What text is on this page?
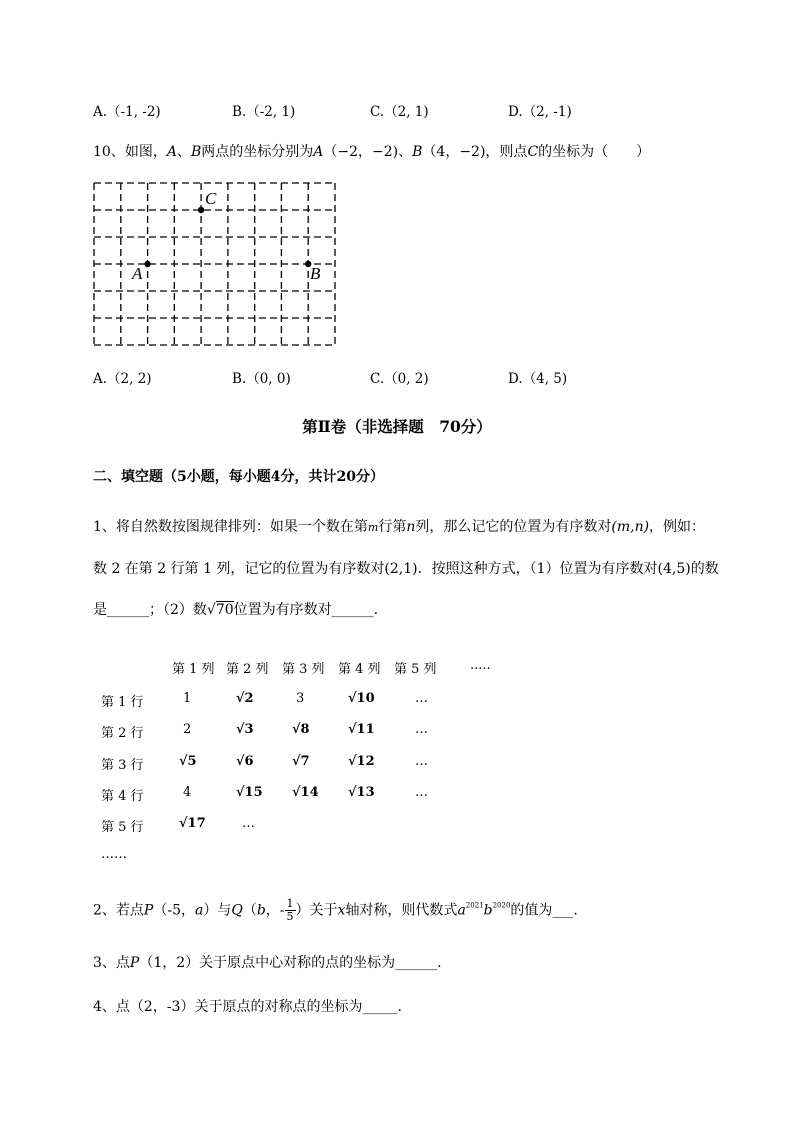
A.（-1, -2)	B.（-2, 1)	C.（2, 1)	D.（2, -1)
10、如图，A、B两点的坐标分别为A（−2，−2)、B（4，−2)，则点C的坐标为（　　）
C
A	B
A.（2, 2)	B.（0, 0)	C.（0, 2)	D.（4, 5)
第Ⅱ卷（非选择题　70分）
二、填空题（5小题，每小题4分，共计20分）
1、将自然数按图规律排列：如果一个数在第m行第n列，那么记它的位置为有序数对(m,n)，例如：
数 2 在第 2 行第 1 列，记它的位置为有序数对(2,1)．按照这种方式，（1）位置为有序数对(4,5)的数
是______；（2）数√70位置为有序数对______.
第 1 列 第 2 列 第 3 列 第 4 列 第 5 列	.....
第 1 行	1	√2	3	√10	…
第 2 行	2	√3	√8	√11	…
第 3 行	√5	√6	√7	√12	…
第 4 行	4	√15 √14 √13	…
第 5 行	√17	…
……
2、若点P（-5，a）与Q（b，- $\frac{1}{5}$ ）关于x轴对称，则代数式$a^{2021}b^{2020}$的值为___.
3、点P（1，2）关于原点中心对称的点的坐标为______.
4、点（2，-3）关于原点的对称点的坐标为_____.
